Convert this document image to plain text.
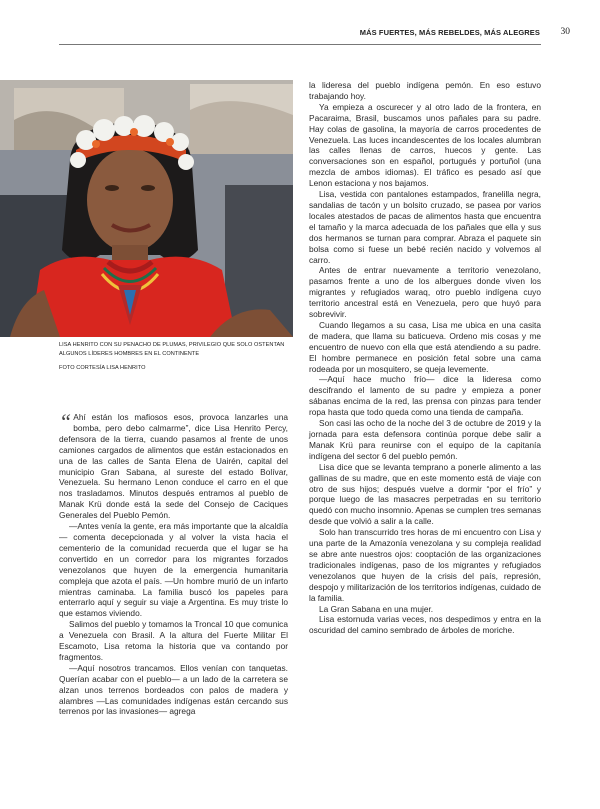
MÁS FUERTES, MÁS REBELDES, MÁS ALEGRES 30

LISA HENRITO CON SU PENACHO DE PLUMAS, PRIVILEGIO QUE SOLO OSTENTAN ALGUNOS LÍDERES HOMBRES EN EL CONTINENTE

FOTO CORTESÍA LISA HENRITO

“ Ahí están los mafiosos esos, provoca lanzarles una bomba, pero debo calmarme”, dice Lisa Henrito Percy, defensora de la tierra, cuando pasamos al frente de unos camiones cargados de alimentos que están estacionados en una de las calles de Santa Elena de Uairén, capital del municipio Gran Sabana, al sureste del estado Bolívar, Venezuela. Su hermano Lenon conduce el carro en el que nos trasladamos. Minutos después entramos al pueblo de Manak Krü donde está la sede del Consejo de Caciques Generales del Pueblo Pemón.

—Antes venía la gente, era más importante que la alcaldía— comenta decepcionada y al volver la vista hacia el cementerio de la comunidad recuerda que el lugar se ha convertido en un corredor para los migrantes forzados venezolanos que huyen de la emergencia humanitaria compleja que azota el país. —Un hombre murió de un infarto mientras caminaba. La familia buscó los papeles para enterrarlo aquí y seguir su viaje a Argentina. Es muy triste lo que estamos viviendo.

Salimos del pueblo y tomamos la Troncal 10 que comunica a Venezuela con Brasil. A la altura del Fuerte Militar El Escamoto, Lisa retoma la historia que va contando por fragmentos.

—Aquí nosotros trancamos. Ellos venían con tanquetas. Querían acabar con el pueblo— a un lado de la carretera se alzan unos terrenos bordeados con palos de madera y alambres —Las comunidades indígenas están cercando sus terrenos por las invasiones— agrega

la lideresa del pueblo indígena pemón. En eso estuvo trabajando hoy.

Ya empieza a oscurecer y al otro lado de la frontera, en Pacaraima, Brasil, buscamos unos pañales para su padre. Hay colas de gasolina, la mayoría de carros procedentes de Venezuela. Las luces incandescentes de los locales alumbran las calles llenas de carros, huecos y gente. Las conversaciones son en español, portugués y portuñol (una mezcla de ambos idiomas). El tráfico es pesado así que Lenon estaciona y nos bajamos.

Lisa, vestida con pantalones estampados, franelilla negra, sandalias de tacón y un bolsito cruzado, se pasea por varios locales atestados de pacas de alimentos hasta que encuentra el tamaño y la marca adecuada de los pañales que ella y sus dos hermanos se turnan para comprar. Abraza el paquete sin bolsa como si fuese un bebé recién nacido y volvemos al carro.

Antes de entrar nuevamente a territorio venezolano, pasamos frente a uno de los albergues donde viven los migrantes y refugiados waraq, otro pueblo indígena cuyo territorio ancestral está en Venezuela, pero que huyó para sobrevivir.

Cuando llegamos a su casa, Lisa me ubica en una casita de madera, que llama su baticueva. Ordeno mis cosas y me encuentro de nuevo con ella que está atendiendo a su padre. El hombre permanece en posición fetal sobre una cama rodeada por un mosquitero, se queja levemente.

—Aquí hace mucho frío— dice la lideresa como descifrando el lamento de su padre y empieza a poner sábanas encima de la red, las prensa con pinzas para tender ropa hasta que todo queda como una tienda de campaña.

Son casi las ocho de la noche del 3 de octubre de 2019 y la jornada para esta defensora continúa porque debe salir a Manak Krü para reunirse con el equipo de la capitanía indígena del sector 6 del pueblo pemón.

Lisa dice que se levanta temprano a ponerle alimento a las gallinas de su madre, que en este momento está de viaje con otro de sus hijos; después vuelve a dormir “por el frío” y porque luego de las masacres perpetradas en su territorio quedó con mucho insomnio. Apenas se cumplen tres semanas desde que volvió a salir a la calle.

Solo han transcurrido tres horas de mi encuentro con Lisa y una parte de la Amazonía venezolana y su compleja realidad se abre ante nuestros ojos: cooptación de las organizaciones tradicionales indígenas, paso de los migrantes y refugiados venezolanos que huyen de la crisis del país, represión, despojo y militarización de los territorios indígenas, cuidado de la familia.

La Gran Sabana en una mujer.

Lisa estornuda varias veces, nos despedimos y entra en la oscuridad del camino sembrado de árboles de moriche.
